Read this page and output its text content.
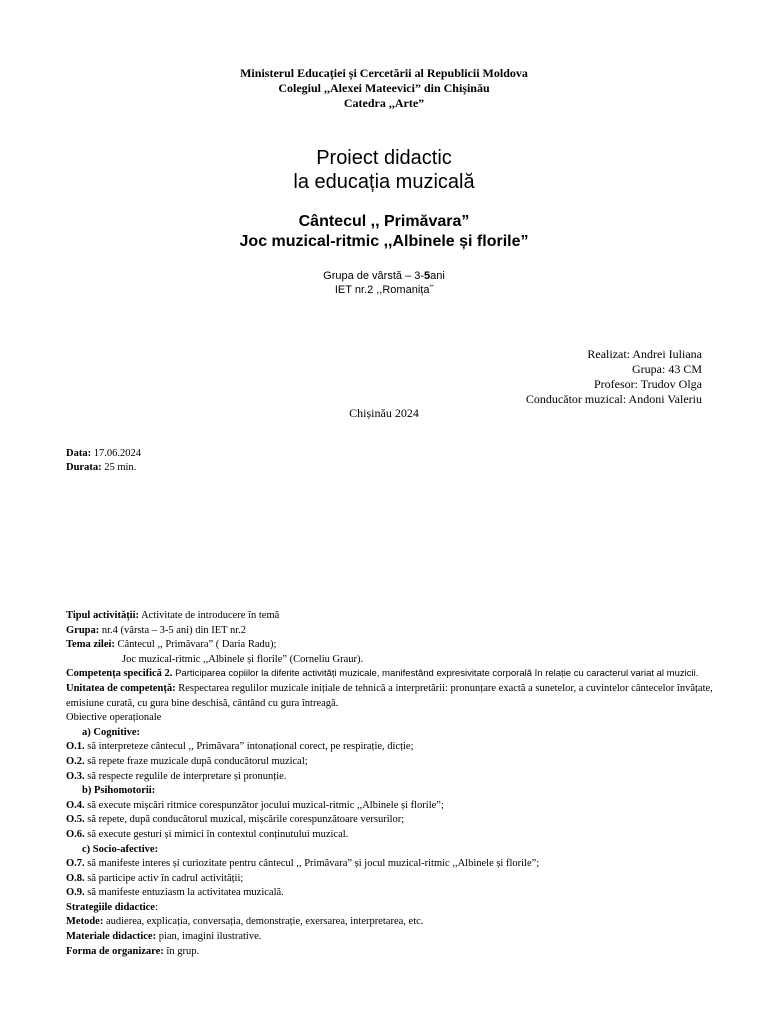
Ministerul Educației și Cercetării al Republicii Moldova
Colegiul ,,Alexei Mateevici” din Chișinău
Catedra ,,Arte”
Proiect didactic
la educația muzicală
Cântecul ,, Primăvara”
Joc muzical-ritmic ,,Albinele și florile”
Grupa de vârstă – 3-5ani
IET nr.2 ,,Romanița˝
Realizat: Andrei Iuliana
Grupa: 43 CM
Profesor: Trudov Olga
Conducător muzical: Andoni Valeriu
Chișinău 2024
Data: 17.06.2024
Durata: 25 min.
Tipul activității: Activitate de introducere în temă
Grupa: nr.4 (vârsta – 3-5 ani) din IET nr.2
Tema zilei: Cântecul ,, Primăvara” ( Daria Radu);
Joc muzical-ritmic ,,Albinele și florile” (Corneliu Graur).
Competența specifică 2. Participarea copiilor la diferite activități muzicale, manifestând expresivitate corporală în relație cu caracterul variat al muzicii.
Unitatea de competență: Respectarea regulilor muzicale inițiale de tehnică a interpretării: pronunțare exactă a sunetelor, a cuvintelor cântecelor învățate, emisiune curată, cu gura bine deschisă, cântând cu gura întreagă.
Obiective operaționale
a) Cognitive:
O.1. să interpreteze cântecul ,, Primăvara” intonațional corect, pe respirație, dicție;
O.2. să repete fraze muzicale după conducătorul muzical;
O.3. să respecte regulile de interpretare și pronunție.
b) Psihomotorii:
O.4. să execute mișcări ritmice corespunzător jocului muzical-ritmic ,,Albinele și florile”;
O.5. să repete, după conducătorul muzical, mișcările corespunzătoare versurilor;
O.6. să execute gesturi și mimici în contextul conținutului muzical.
c) Socio-afective:
O.7. să manifeste interes și curiozitate pentru cântecul ,, Primăvara” și jocul muzical-ritmic ,,Albinele și florile”;
O.8. să participe activ în cadrul activității;
O.9. să manifeste entuziasm la activitatea muzicală.
Strategiile didactice:
Metode: audierea, explicația, conversația, demonstrație, exersarea, interpretarea, etc.
Materiale didactice: pian, imagini ilustrative.
Forma de organizare: în grup.
